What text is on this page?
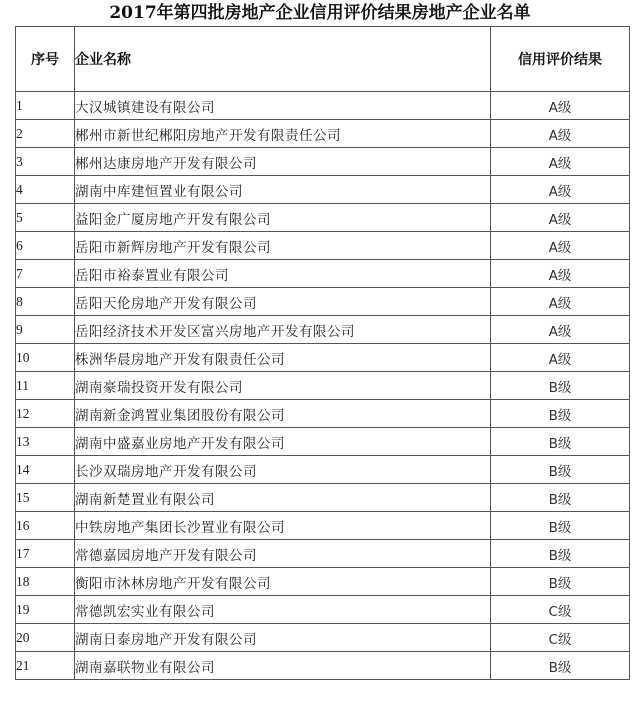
2017年第四批房地产企业信用评价结果房地产企业名单
序号	企业名称	信用评价结果
1	大汉城镇建设有限公司	A级
2	郴州市新世纪郴阳房地产开发有限责任公司	A级
3	郴州达康房地产开发有限公司	A级
4	湖南中库建恒置业有限公司	A级
5	益阳金广厦房地产开发有限公司	A级
6	岳阳市新辉房地产开发有限公司	A级
7	岳阳市裕泰置业有限公司	A级
8	岳阳天伦房地产开发有限公司	A级
9	岳阳经济技术开发区富兴房地产开发有限公司	A级
10	株洲华晨房地产开发有限责任公司	A级
11	湖南豪瑞投资开发有限公司	B级
12	湖南新金鸿置业集团股份有限公司	B级
13	湖南中盛嘉业房地产开发有限公司	B级
14	长沙双瑞房地产开发有限公司	B级
15	湖南新楚置业有限公司	B级
16	中铁房地产集团长沙置业有限公司	B级
17	常德嘉园房地产开发有限公司	B级
18	衡阳市沐林房地产开发有限公司	B级
19	常德凯宏实业有限公司	C级
20	湖南日泰房地产开发有限公司	C级
21	湖南嘉联物业有限公司	B级
